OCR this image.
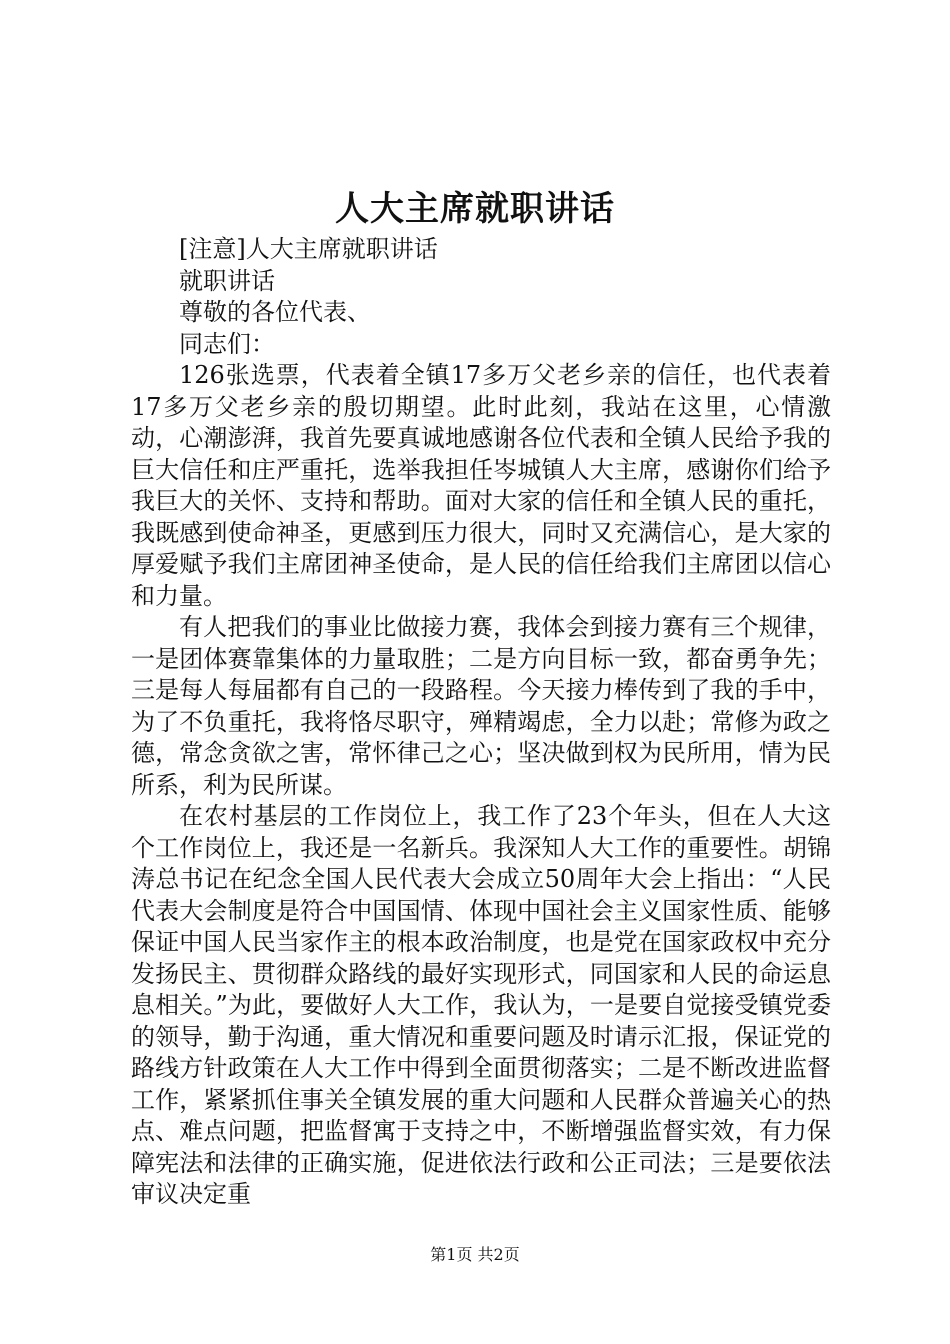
人大主席就职讲话

[注意]人大主席就职讲话

就职讲话

尊敬的各位代表、

同志们：

126张选票，代表着全镇17多万父老乡亲的信任，也代表着17多万父老乡亲的殷切期望。此时此刻，我站在这里，心情激动，心潮澎湃，我首先要真诚地感谢各位代表和全镇人民给予我的巨大信任和庄严重托，选举我担任岑城镇人大主席，感谢你们给予我巨大的关怀、支持和帮助。面对大家的信任和全镇人民的重托，我既感到使命神圣，更感到压力很大，同时又充满信心，是大家的厚爱赋予我们主席团神圣使命，是人民的信任给我们主席团以信心和力量。

有人把我们的事业比做接力赛，我体会到接力赛有三个规律，一是团体赛靠集体的力量取胜；二是方向目标一致，都奋勇争先；三是每人每届都有自己的一段路程。今天接力棒传到了我的手中，为了不负重托，我将恪尽职守，殚精竭虑，全力以赴；常修为政之德，常念贪欲之害，常怀律己之心；坚决做到权为民所用，情为民所系，利为民所谋。

在农村基层的工作岗位上，我工作了23个年头，但在人大这个工作岗位上，我还是一名新兵。我深知人大工作的重要性。胡锦涛总书记在纪念全国人民代表大会成立50周年大会上指出：“人民代表大会制度是符合中国国情、体现中国社会主义国家性质、能够保证中国人民当家作主的根本政治制度，也是党在国家政权中充分发扬民主、贯彻群众路线的最好实现形式，同国家和人民的命运息息相关。”为此，要做好人大工作，我认为，一是要自觉接受镇党委的领导，勤于沟通，重大情况和重要问题及时请示汇报，保证党的路线方针政策在人大工作中得到全面贯彻落实；二是不断改进监督工作，紧紧抓住事关全镇发展的重大问题和人民群众普遍关心的热点、难点问题，把监督寓于支持之中，不断增强监督实效，有力保障宪法和法律的正确实施，促进依法行政和公正司法；三是要依法审议决定重

第1页 共2页
